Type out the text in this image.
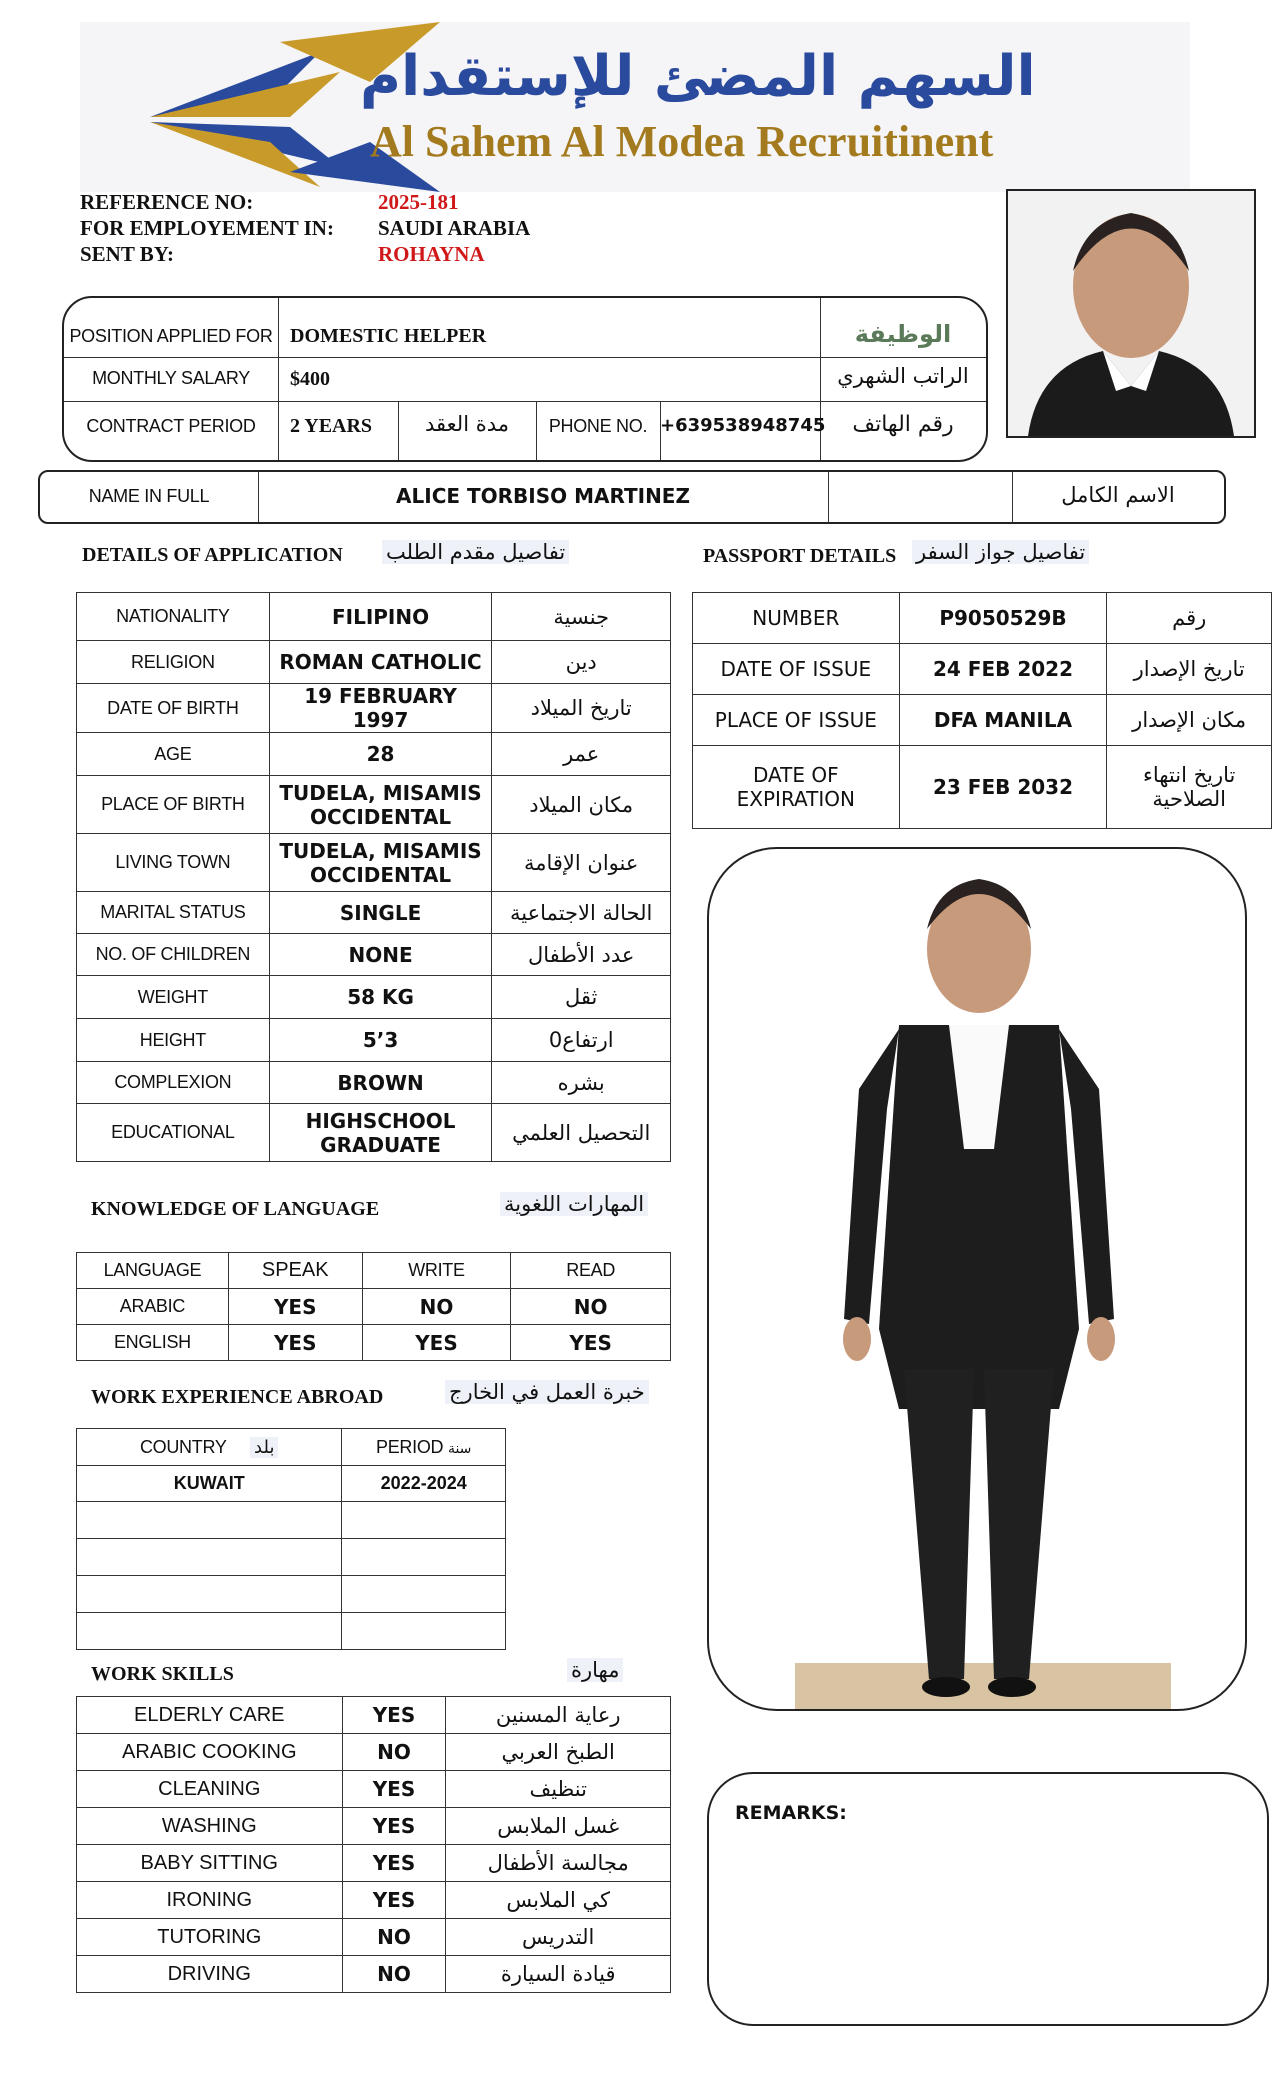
السهم المضئ للإستقدام
Al Sahem Al Modea Recruitinent
REFERENCE NO:	2025-181
FOR EMPLOYEMENT IN: SAUDI ARABIA
SENT BY:	ROHAYNA
POSITION APPLIED FOR DOMESTIC HELPER	الوظيفة
MONTHLY SALARY	$400	الراتب الشهري
CONTRACT PERIOD	2 YEARS	مدة العقد	PHONE NO. +639538948745	رقم الهاتف
NAME IN FULL	ALICE TORBISO MARTINEZ	الاسم الكامل
DETAILS OF APPLICATION تفاصيل مقدم الطلب
NATIONALITY	FILIPINO	جنسية
RELIGION	ROMAN CATHOLIC	دين
DATE OF BIRTH	19 FEBRUARY 1997	تاريخ الميلاد
AGE	28	عمر
PLACE OF BIRTH	TUDELA, MISAMIS OCCIDENTAL	مكان الميلاد
LIVING TOWN	TUDELA, MISAMIS OCCIDENTAL	عنوان الإقامة
MARITAL STATUS	SINGLE	الحالة الاجتماعية
NO. OF CHILDREN	NONE	عدد الأطفال
WEIGHT	58 KG	ثقل
HEIGHT	5’3	ارتفاع0
COMPLEXION	BROWN	بشره
EDUCATIONAL	HIGHSCHOOL GRADUATE	التحصيل العلمي
PASSPORT DETAILS تفاصيل جواز السفر
NUMBER	P9050529B	رقم
DATE OF ISSUE	24 FEB 2022	تاريخ الإصدار
PLACE OF ISSUE	DFA MANILA	مكان الإصدار
DATE OF EXPIRATION	23 FEB 2032	تاريخ انتهاء الصلاحية
KNOWLEDGE OF LANGUAGE	المهارات اللغوية
LANGUAGE	SPEAK	WRITE	READ
ARABIC	YES	NO	NO
ENGLISH	YES	YES	YES
WORK EXPERIENCE ABROAD	خبرة العمل في الخارج
COUNTRY بلد	PERIOD سنة
KUWAIT	2022-2024

WORK SKILLS	مهارة
ELDERLY CARE	YES	رعاية المسنين
ARABIC COOKING	NO	الطبخ العربي
CLEANING	YES	تنظيف
WASHING	YES	غسل الملابس
BABY SITTING	YES	مجالسة الأطفال
IRONING	YES	كي الملابس
TUTORING	NO	التدريس
DRIVING	NO	قيادة السيارة
REMARKS:
